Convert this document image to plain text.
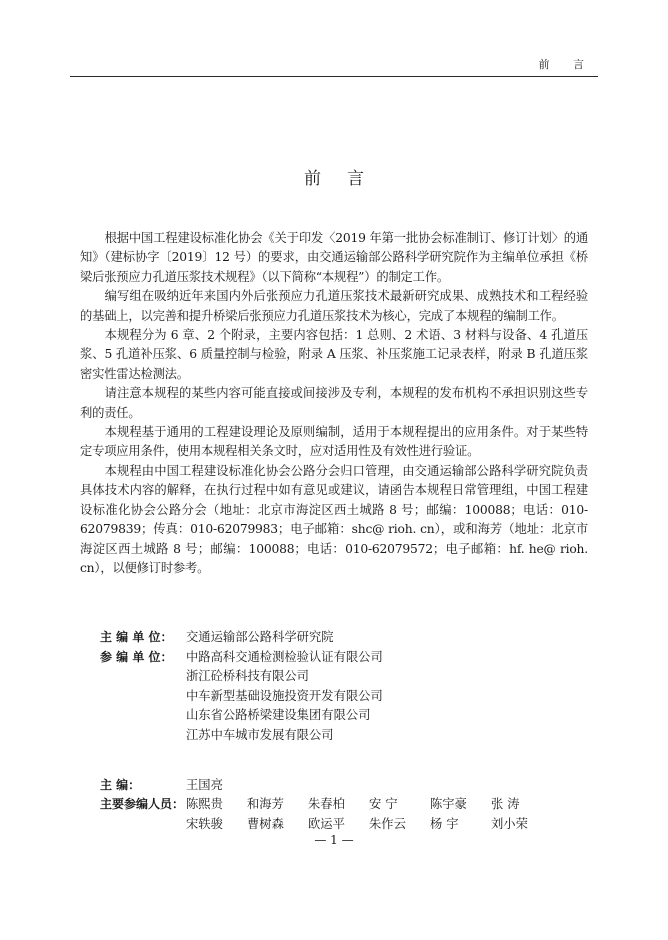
前 言
前言

根据中国工程建设标准化协会《关于印发〈2019 年第一批协会标准制订、修订计划〉的通知》（建标协字〔2019〕12 号）的要求，由交通运输部公路科学研究院作为主编单位承担《桥梁后张预应力孔道压浆技术规程》（以下简称“本规程”）的制定工作。

编写组在吸纳近年来国内外后张预应力孔道压浆技术最新研究成果、成熟技术和工程经验的基础上，以完善和提升桥梁后张预应力孔道压浆技术为核心，完成了本规程的编制工作。

本规程分为 6 章、2 个附录，主要内容包括：1 总则、2 术语、3 材料与设备、4 孔道压浆、5 孔道补压浆、6 质量控制与检验，附录 A 压浆、补压浆施工记录表样，附录 B 孔道压浆密实性雷达检测法。

请注意本规程的某些内容可能直接或间接涉及专利，本规程的发布机构不承担识别这些专利的责任。

本规程基于通用的工程建设理论及原则编制，适用于本规程提出的应用条件。对于某些特定专项应用条件，使用本规程相关条文时，应对适用性及有效性进行验证。

本规程由中国工程建设标准化协会公路分会归口管理，由交通运输部公路科学研究院负责具体技术内容的解释，在执行过程中如有意见或建议，请函告本规程日常管理组，中国工程建设标准化协会公路分会（地址：北京市海淀区西土城路 8 号；邮编：100088；电话：010-62079839；传真：010-62079983；电子邮箱：shc@ rioh. cn），或和海芳（地址：北京市海淀区西土城路 8 号；邮编：100088；电话：010-62079572；电子邮箱：hf. he@ rioh. cn），以便修订时参考。

主 编 单 位：	交通运输部公路科学研究院
参 编 单 位：	中路高科交通检测检验认证有限公司
浙江砼桥科技有限公司
中车新型基础设施投资开发有限公司
山东省公路桥梁建设集团有限公司
江苏中车城市发展有限公司
主 编：	王国亮
主要参编人员： 陈熙贵	和海芳	朱春柏	安 宁	陈宇豪	张 涛
宋轶骏	曹树森	欧运平	朱作云	杨 宇	刘小荣
— 1 —
